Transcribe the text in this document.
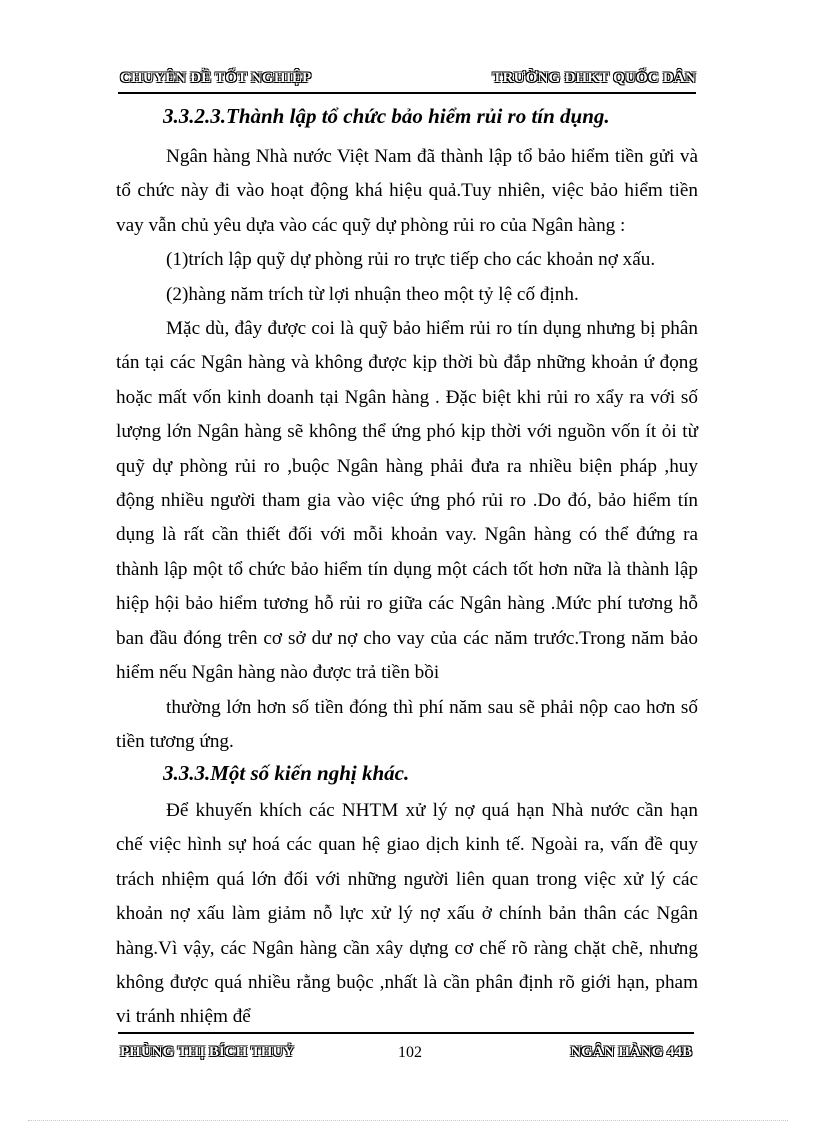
CHUYÊN ĐỀ TỐT NGHIỆP	TRƯỜNG ĐHKT QUỐC DÂN
3.3.2.3.Thành lập tổ chức bảo hiểm rủi ro tín dụng.

Ngân hàng Nhà nước Việt Nam đã thành lập tổ bảo hiểm tiền gửi và tổ chức này đi vào hoạt động khá hiệu quả.Tuy nhiên, việc bảo hiểm tiền vay vẫn chủ yêu dựa vào các quỹ dự phòng rủi ro của Ngân hàng :

(1)trích lập quỹ dự phòng rủi ro trực tiếp cho các khoản nợ xấu.

(2)hàng năm trích từ lợi nhuận theo một tỷ lệ cố định.

Mặc dù, đây được coi là quỹ bảo hiểm rủi ro tín dụng nhưng bị phân tán tại các Ngân hàng và không được kịp thời bù đắp những khoản ứ đọng hoặc mất vốn kinh doanh tại Ngân hàng . Đặc biệt khi rủi ro xẩy ra với số lượng lớn Ngân hàng sẽ không thể ứng phó kịp thời với nguồn vốn ít ỏi từ quỹ dự phòng rủi ro ,buộc Ngân hàng phải đưa ra nhiều biện pháp ,huy động nhiều người tham gia vào việc ứng phó rủi ro .Do đó, bảo hiểm tín dụng là rất cần thiết đối với mỗi khoản vay. Ngân hàng có thể đứng ra thành lập một tổ chức bảo hiểm tín dụng một cách tốt hơn nữa là thành lập hiệp hội bảo hiểm tương hỗ rủi ro giữa các Ngân hàng .Mức phí tương hỗ ban đầu đóng trên cơ sở dư nợ cho vay của các năm trước.Trong năm bảo hiểm nếu Ngân hàng nào được trả tiền bồi

thường lớn hơn số tiền đóng thì phí năm sau sẽ phải nộp cao hơn số tiền tương ứng.

3.3.3.Một số kiến nghị khác.

Để khuyến khích các NHTM xử lý nợ quá hạn Nhà nước cần hạn chế việc hình sự hoá các quan hệ giao dịch kinh tế. Ngoài ra, vấn đề quy trách nhiệm quá lớn đối với những người liên quan trong việc xử lý các khoản nợ xấu làm giảm nỗ lực xử lý nợ xấu ở chính bản thân các Ngân hàng.Vì vậy, các Ngân hàng cần xây dựng cơ chế rõ ràng chặt chẽ, nhưng không được quá nhiều rằng buộc ,nhất là cần phân định rõ giới hạn, pham vi tránh nhiệm để

PHÙNG THỊ BÍCH THUỶ	102	NGÂN HÀNG 44B
